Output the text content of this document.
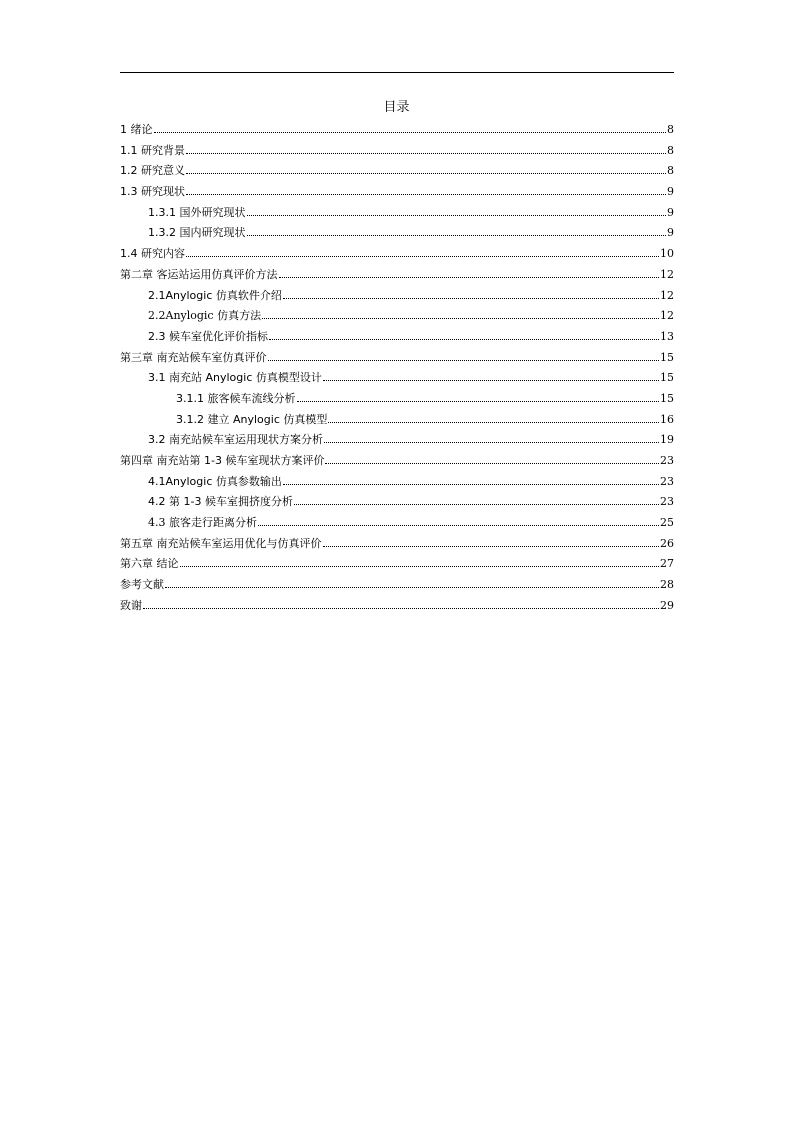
目录
1 绪论	8
1.1 研究背景	8
1.2 研究意义	8
1.3 研究现状	9
1.3.1 国外研究现状	9
1.3.2 国内研究现状	9
1.4 研究内容	10
第二章 客运站运用仿真评价方法	12
2.1Anylogic 仿真软件介绍	12
2.2Anylogic 仿真方法	12
2.3 候车室优化评价指标	13
第三章 南充站候车室仿真评价	15
3.1 南充站 Anylogic 仿真模型设计	15
3.1.1 旅客候车流线分析	15
3.1.2 建立 Anylogic 仿真模型	16
3.2 南充站候车室运用现状方案分析	19
第四章 南充站第 1-3 候车室现状方案评价	23
4.1Anylogic 仿真参数输出	23
4.2 第 1-3 候车室拥挤度分析	23
4.3 旅客走行距离分析	25
第五章 南充站候车室运用优化与仿真评价	26
第六章 结论	27
参考文献	28
致谢	29
